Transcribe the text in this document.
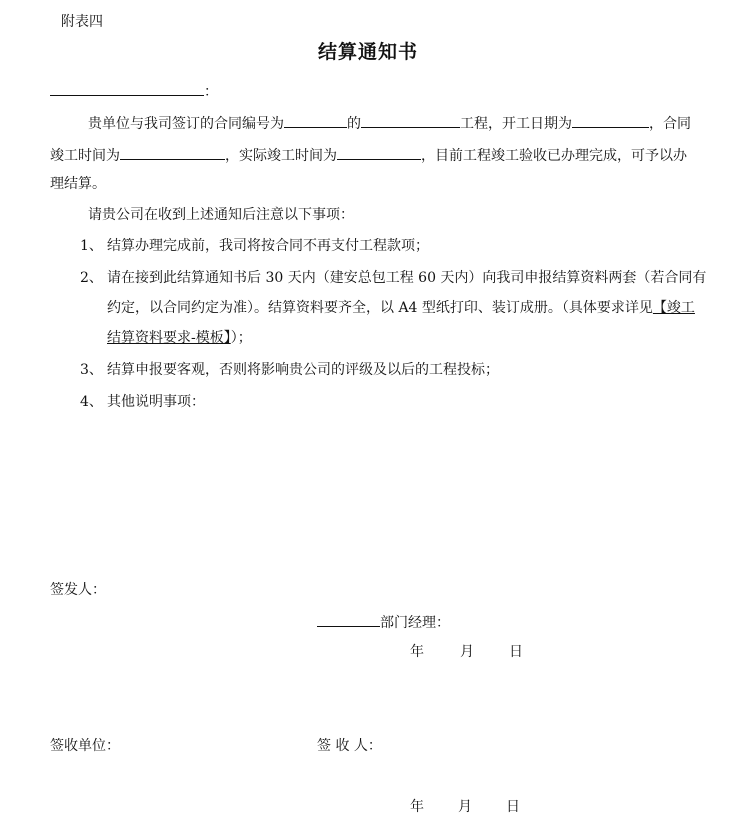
附表四
结算通知书
：
贵单位与我司签订的合同编号为	的	工程，开工日期为	，合同
竣工时间为	，实际竣工时间为	，目前工程竣工验收已办理完成，可予以办
理结算。
请贵公司在收到上述通知后注意以下事项：
1、 结算办理完成前，我司将按合同不再支付工程款项；
2、 请在接到此结算通知书后 30 天内（建安总包工程 60 天内）向我司申报结算资料两套（若合同有
约定，以合同约定为准）。结算资料要齐全，以 A4 型纸打印、装订成册。（具体要求详见【竣工
结算资料要求-模板】）；
3、 结算申报要客观，否则将影响贵公司的评级及以后的工程投标；
4、 其他说明事项：
签发人：
部门经理：
年	月	日
签收单位：	签 收 人：
年 月 日
